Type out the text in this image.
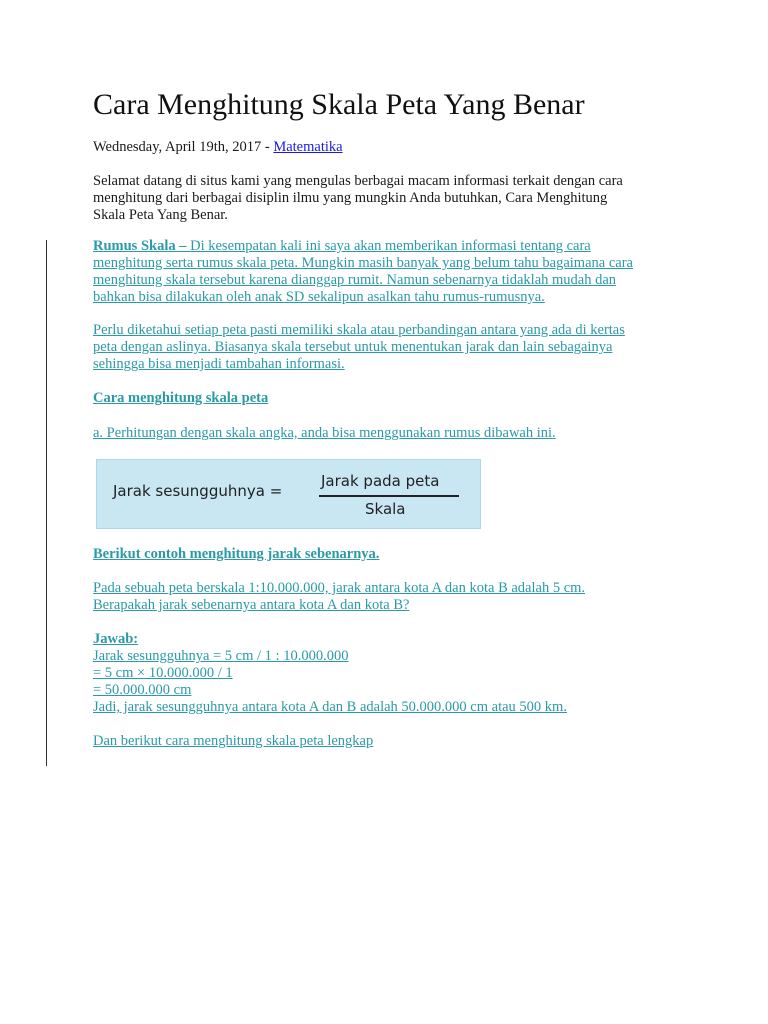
Cara Menghitung Skala Peta Yang Benar
Wednesday, April 19th, 2017 - Matematika

Selamat datang di situs kami yang mengulas berbagai macam informasi terkait dengan cara
menghitung dari berbagai disiplin ilmu yang mungkin Anda butuhkan, Cara Menghitung
Skala Peta Yang Benar.

Rumus Skala – Di kesempatan kali ini saya akan memberikan informasi tentang cara
menghitung serta rumus skala peta. Mungkin masih banyak yang belum tahu bagaimana cara
menghitung skala tersebut karena dianggap rumit. Namun sebenarnya tidaklah mudah dan
bahkan bisa dilakukan oleh anak SD sekalipun asalkan tahu rumus-rumusnya.

Perlu diketahui setiap peta pasti memiliki skala atau perbandingan antara yang ada di kertas
peta dengan aslinya. Biasanya skala tersebut untuk menentukan jarak dan lain sebagainya
sehingga bisa menjadi tambahan informasi.

Cara menghitung skala peta

a. Perhitungan dengan skala angka, anda bisa menggunakan rumus dibawah ini.

Jarak sesungguhnya =
Jarak pada peta
Skala

Berikut contoh menghitung jarak sebenarnya.

Pada sebuah peta berskala 1:10.000.000, jarak antara kota A dan kota B adalah 5 cm.
Berapakah jarak sebenarnya antara kota A dan kota B?

Jawab:
Jarak sesungguhnya = 5 cm / 1 : 10.000.000
= 5 cm × 10.000.000 / 1
= 50.000.000 cm
Jadi, jarak sesungguhnya antara kota A dan B adalah 50.000.000 cm atau 500 km.

Dan berikut cara menghitung skala peta lengkap
